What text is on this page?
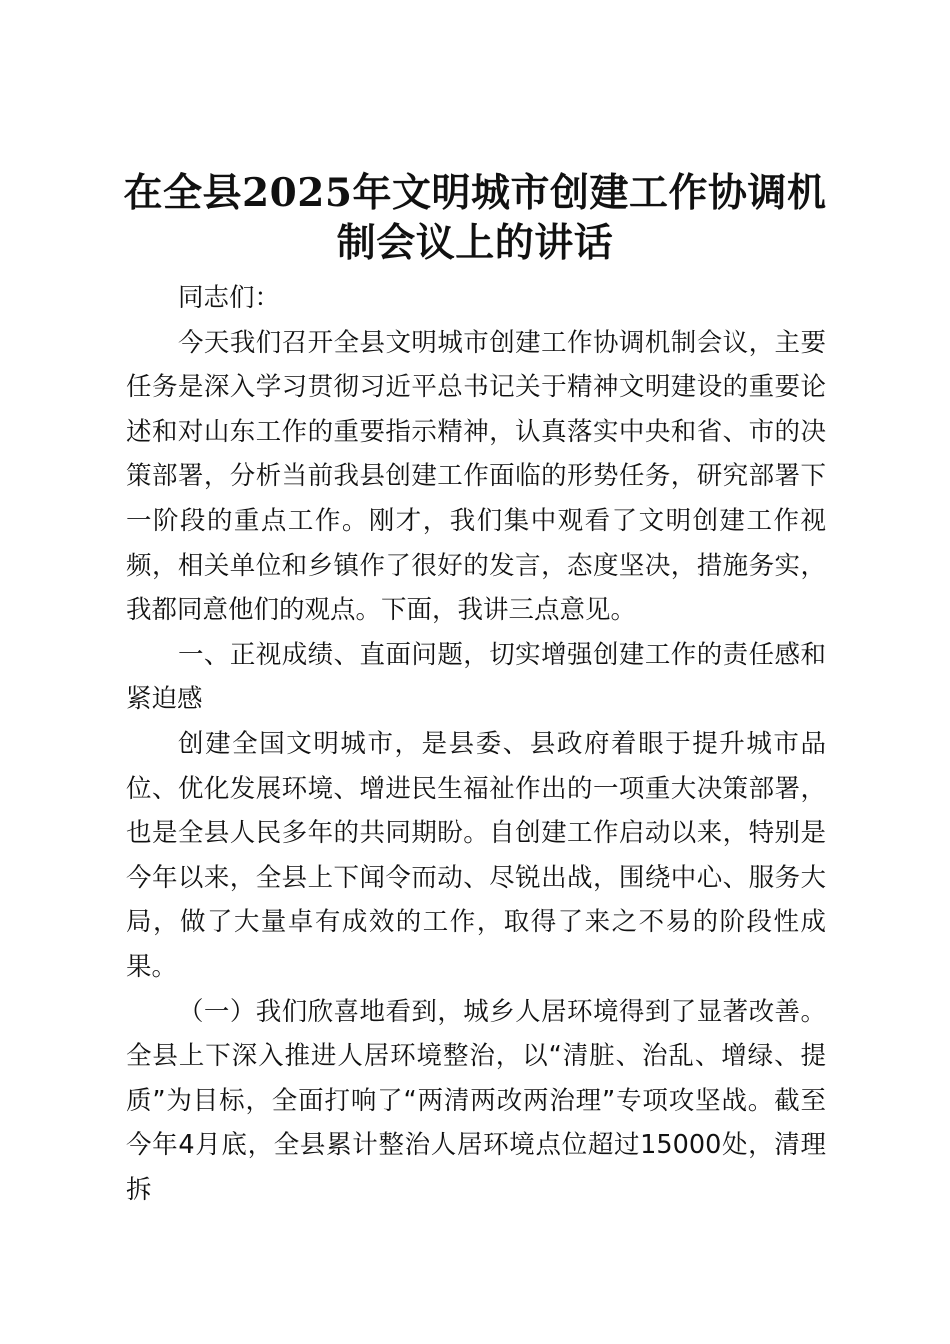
在全县2025年文明城市创建工作协调机制会议上的讲话

同志们：

今天我们召开全县文明城市创建工作协调机制会议，主要任务是深入学习贯彻习近平总书记关于精神文明建设的重要论述和对山东工作的重要指示精神，认真落实中央和省、市的决策部署，分析当前我县创建工作面临的形势任务，研究部署下一阶段的重点工作。刚才，我们集中观看了文明创建工作视频，相关单位和乡镇作了很好的发言，态度坚决，措施务实，我都同意他们的观点。下面，我讲三点意见。

一、正视成绩、直面问题，切实增强创建工作的责任感和紧迫感

创建全国文明城市，是县委、县政府着眼于提升城市品位、优化发展环境、增进民生福祉作出的一项重大决策部署，也是全县人民多年的共同期盼。自创建工作启动以来，特别是今年以来，全县上下闻令而动、尽锐出战，围绕中心、服务大局，做了大量卓有成效的工作，取得了来之不易的阶段性成果。

（一）我们欣喜地看到，城乡人居环境得到了显著改善。全县上下深入推进人居环境整治，以“清脏、治乱、增绿、提质”为目标，全面打响了“两清两改两治理”专项攻坚战。截至今年4月底，全县累计整治人居环境点位超过15000处，清理拆
